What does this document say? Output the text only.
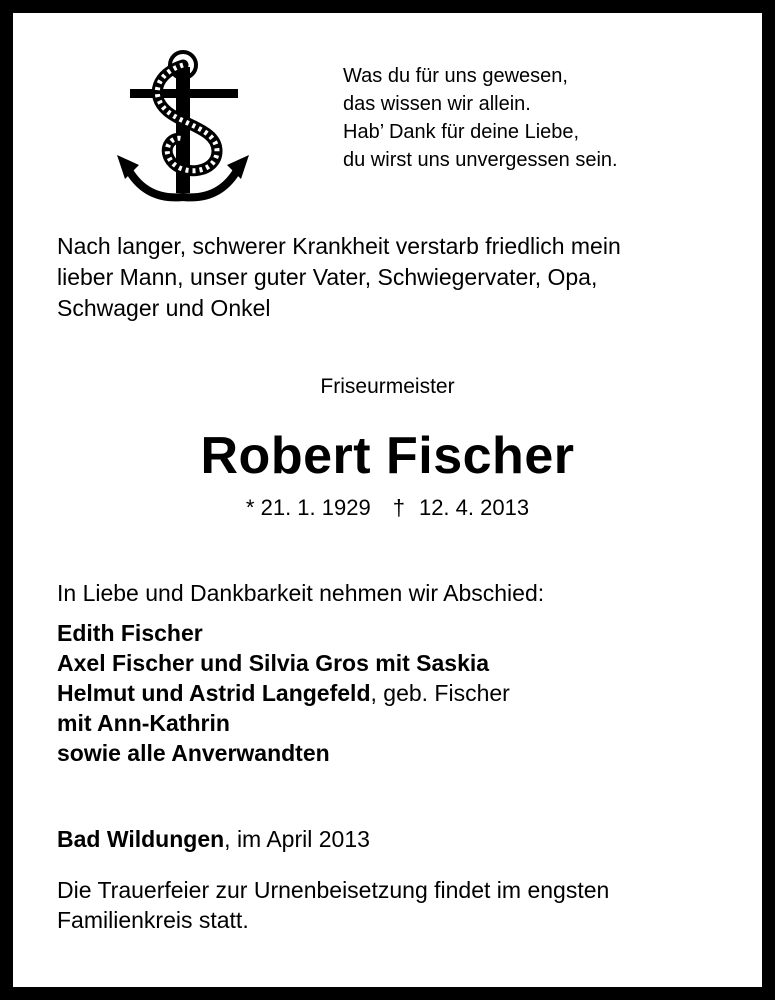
Was du für uns gewesen,
das wissen wir allein.
Hab’ Dank für deine Liebe,
du wirst uns unvergessen sein.

Nach langer, schwerer Krankheit verstarb friedlich mein
lieber Mann, unser guter Vater, Schwiegervater, Opa,
Schwager und Onkel

Friseurmeister
Robert Fischer
* 21. 1. 1929 † 12. 4. 2013
In Liebe und Dankbarkeit nehmen wir Abschied:
Edith Fischer
Axel Fischer und Silvia Gros mit Saskia
Helmut und Astrid Langefeld, geb. Fischer
mit Ann-Kathrin
sowie alle Anverwandten
Bad Wildungen, im April 2013

Die Trauerfeier zur Urnenbeisetzung findet im engsten
Familienkreis statt.
